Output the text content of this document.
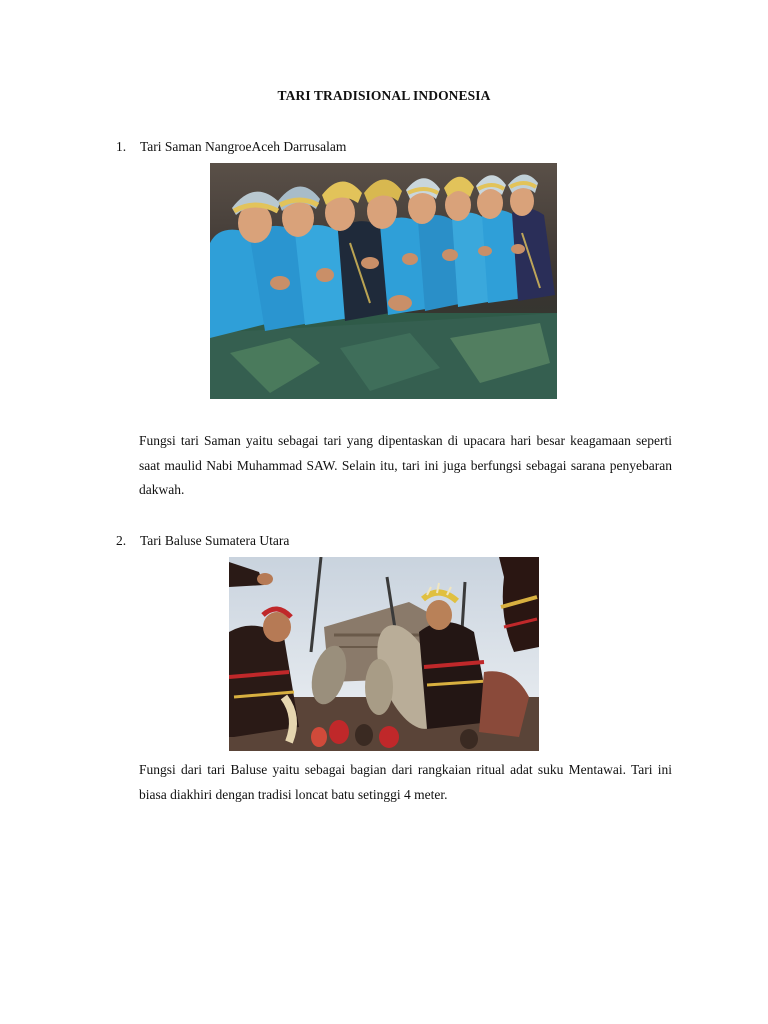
TARI TRADISIONAL INDONESIA
1. Tari Saman NangroeAceh Darrusalam
Fungsi tari Saman yaitu sebagai tari yang dipentaskan di upacara hari besar keagamaan seperti saat maulid Nabi Muhammad SAW. Selain itu, tari ini juga berfungsi sebagai sarana penyebaran dakwah.
2. Tari Baluse Sumatera Utara
Fungsi dari tari Baluse yaitu sebagai bagian dari rangkaian ritual adat suku Mentawai. Tari ini biasa diakhiri dengan tradisi loncat batu setinggi 4 meter.
